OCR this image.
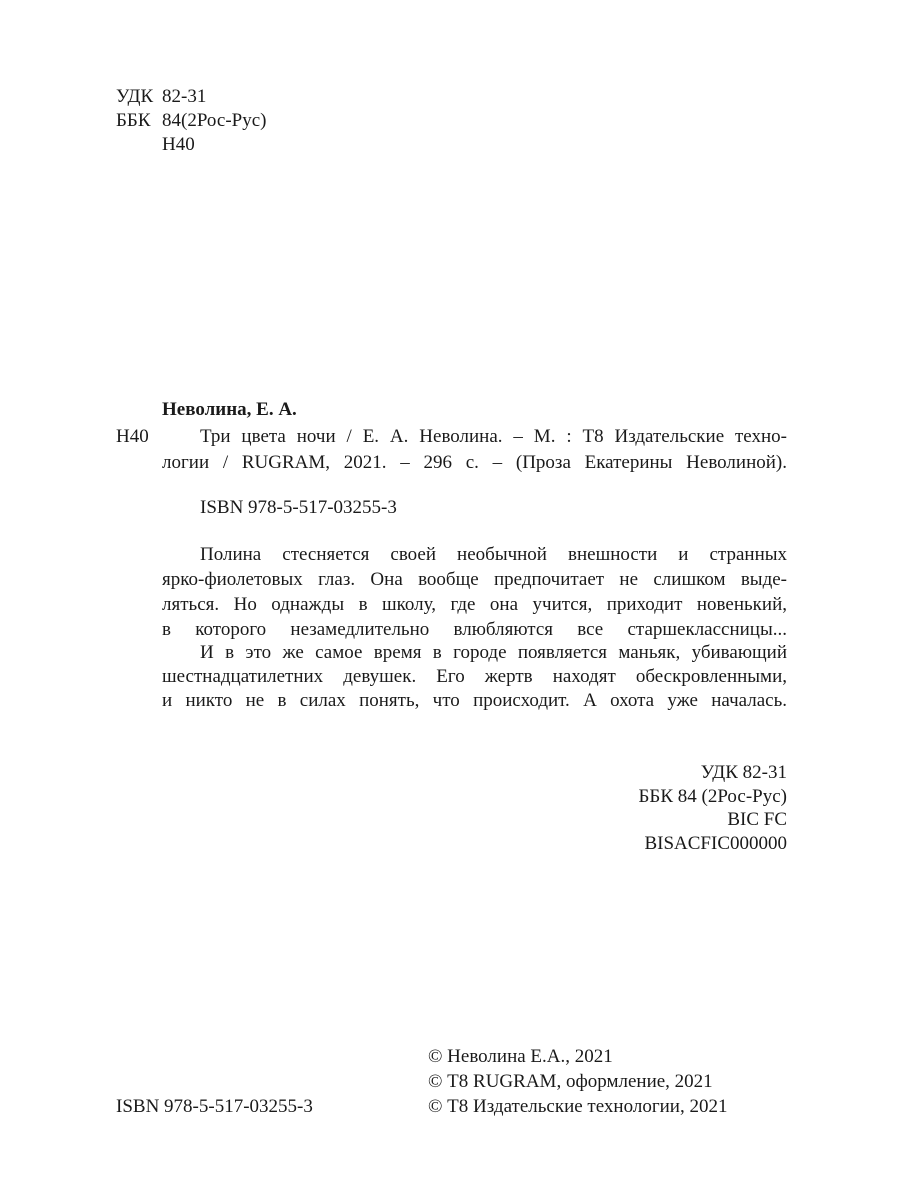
УДК 82-31
ББК 84(2Рос-Рус)
Н40
Неволина, Е. А.
Н40	Три цвета ночи / Е. А. Неволина. – М. : Т8 Издательские техно-
логии / RUGRAM, 2021. – 296 с. – (Проза Екатерины Неволиной).
ISBN 978-5-517-03255-3
Полина стесняется своей необычной внешности и странных
ярко-фиолетовых глаз. Она вообще предпочитает не слишком выде-
ляться. Но однажды в школу, где она учится, приходит новенький,
в которого незамедлительно влюбляются все старшеклассницы...
И в это же самое время в городе появляется маньяк, убивающий
шестнадцатилетних девушек. Его жертв находят обескровленными,
и никто не в силах понять, что происходит. А охота уже началась.
УДК 82-31
ББК 84 (2Рос-Рус)
BIC FC
BISACFIC000000
© Неволина Е.А., 2021
© Т8 RUGRAM, оформление, 2021
© Т8 Издательские технологии, 2021
ISBN 978-5-517-03255-3
